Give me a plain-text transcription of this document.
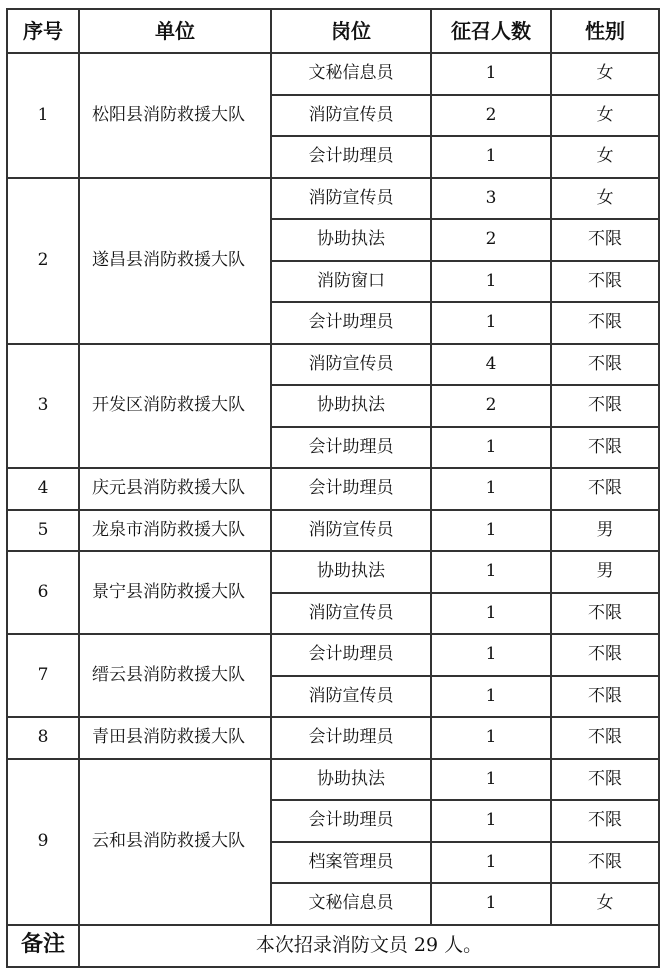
序号	单位	岗位	征召人数	性别
1	松阳县消防救援大队	文秘信息员	1	女
		消防宣传员	2	女
		会计助理员	1	女
2	遂昌县消防救援大队	消防宣传员	3	女
		协助执法	2	不限
		消防窗口	1	不限
		会计助理员	1	不限
3	开发区消防救援大队	消防宣传员	4	不限
		协助执法	2	不限
		会计助理员	1	不限
4	庆元县消防救援大队	会计助理员	1	不限
5	龙泉市消防救援大队	消防宣传员	1	男
6	景宁县消防救援大队	协助执法	1	男
		消防宣传员	1	不限
7	缙云县消防救援大队	会计助理员	1	不限
		消防宣传员	1	不限
8	青田县消防救援大队	会计助理员	1	不限
9	云和县消防救援大队	协助执法	1	不限
		会计助理员	1	不限
		档案管理员	1	不限
		文秘信息员	1	女
备注	本次招录消防文员 29 人。			
